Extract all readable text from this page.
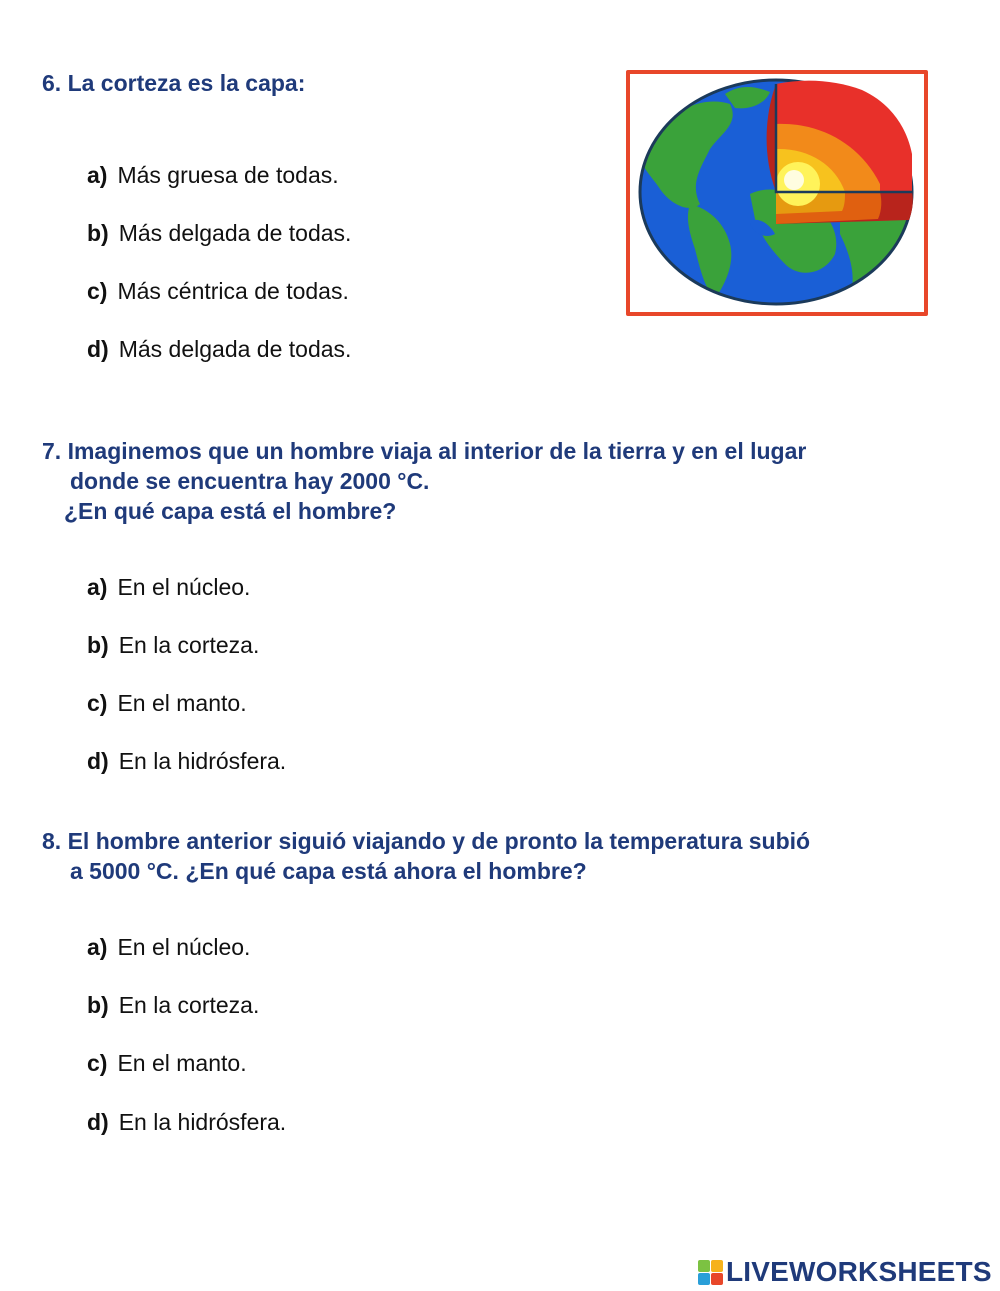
6. La corteza es la capa:
a) Más gruesa de todas.
b) Más delgada de todas.
c) Más céntrica de todas.
d) Más delgada de todas.
7. Imaginemos que un hombre viaja al interior de la tierra y en el lugar
donde se encuentra hay 2000 °C.
¿En qué capa está el hombre?
a) En el núcleo.
b) En la corteza.
c) En el manto.
d) En la hidrósfera.
8. El hombre anterior siguió viajando y de pronto la temperatura subió
a 5000 °C. ¿En qué capa está ahora el hombre?
a) En el núcleo.
b) En la corteza.
c) En el manto.
d) En la hidrósfera.
LIVEWORKSHEETS
